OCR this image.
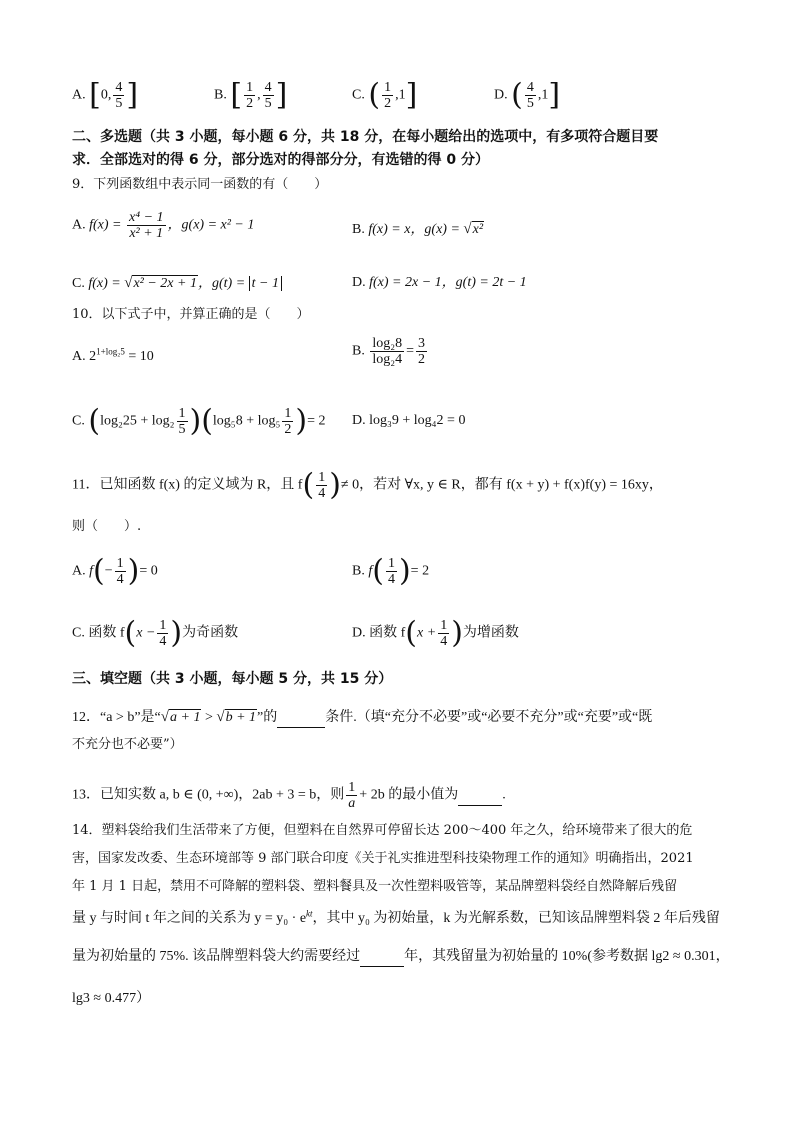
A. [0, $\frac{4}{5}$ ]	B. [ $\frac{1}{2}$ , $\frac{4}{5}$ ]	C. ( $\frac{1}{2} ,1$]	D. ( $\frac{4}{5} ,1$]
二、多选题（共 3 小题，每小题 6 分，共 18 分，在每小题给出的选项中，有多项符合题目要
求．全部选对的得 6 分，部分选对的得部分分，有选错的得 0 分）
9．下列函数组中表示同一函数的有（　　）
A. $f(x) = \frac{\text{x⁴ − 1}}{\text{x² + 1}}$ ，g(x) = x² − 1	B. f(x) = x，g(x) = √x²
C. f(x) = √x² − 2x + 1，g(t) = t − 1	D. f(x) = 2x − 1，g(t) = 2t − 1
10．以下式子中，并算正确的是（　　）
A. $2^{1+log_25} = 10$	B. $\frac{\text{log₂8}}{\text{log₂4}} = \frac{3}{2}$
C. $(\log_225 + \log_2 \frac{1}{5} )(\log_58 + \log_5 \frac{1}{2}$ )= 2 D. log₃9 + log₄2 = 0
11．已知函数 f(x) 的定义域为 R，且 $f( \frac{1}{4}$ )≠ 0，若对 ∀x, y ∈ R，都有 f(x + y) + f(x)f(y) = 16xy，
则（　　）.
A. $f(- \frac{1}{4}$ )= 0	B. $f( \frac{1}{4}$ )= 2
C. 函数 $f(x - \frac{1}{4}$ )为奇函数	D. 函数 $f(x + \frac{1}{4}$ )为增函数
三、填空题（共 3 小题，每小题 5 分，共 15 分）
12．“a > b”是“√a + 1 > √b + 1”的	条件.（填“充分不必要”或“必要不充分”或“充要”或“既
不充分也不必要”）
13．已知实数 a, b ∈ (0, +∞)，2ab + 3 = b，则 $\frac{1}{a} + 2b$ 的最小值为	.
14．塑料袋给我们生活带来了方便，但塑料在自然界可停留长达 200～400 年之久，给环境带来了很大的危
害，国家发改委、生态环境部等 9 部门联合印度《关于礼实推进型科技染物理工作的通知》明确指出，2021
年 1 月 1 日起，禁用不可降解的塑料袋、塑料餐具及一次性塑料吸管等，某品牌塑料袋经自然降解后残留
量 y 与时间 t 年之间的关系为 $y = y_0 \cdot e^{kt}$，其中 y₀ 为初始量，k 为光解系数，已知该品牌塑料袋 2 年后残留
量为初始量的 75%. 该品牌塑料袋大约需要经过	年，其残留量为初始量的 10%(参考数据 lg2 ≈ 0.301，
lg3 ≈ 0.477）
